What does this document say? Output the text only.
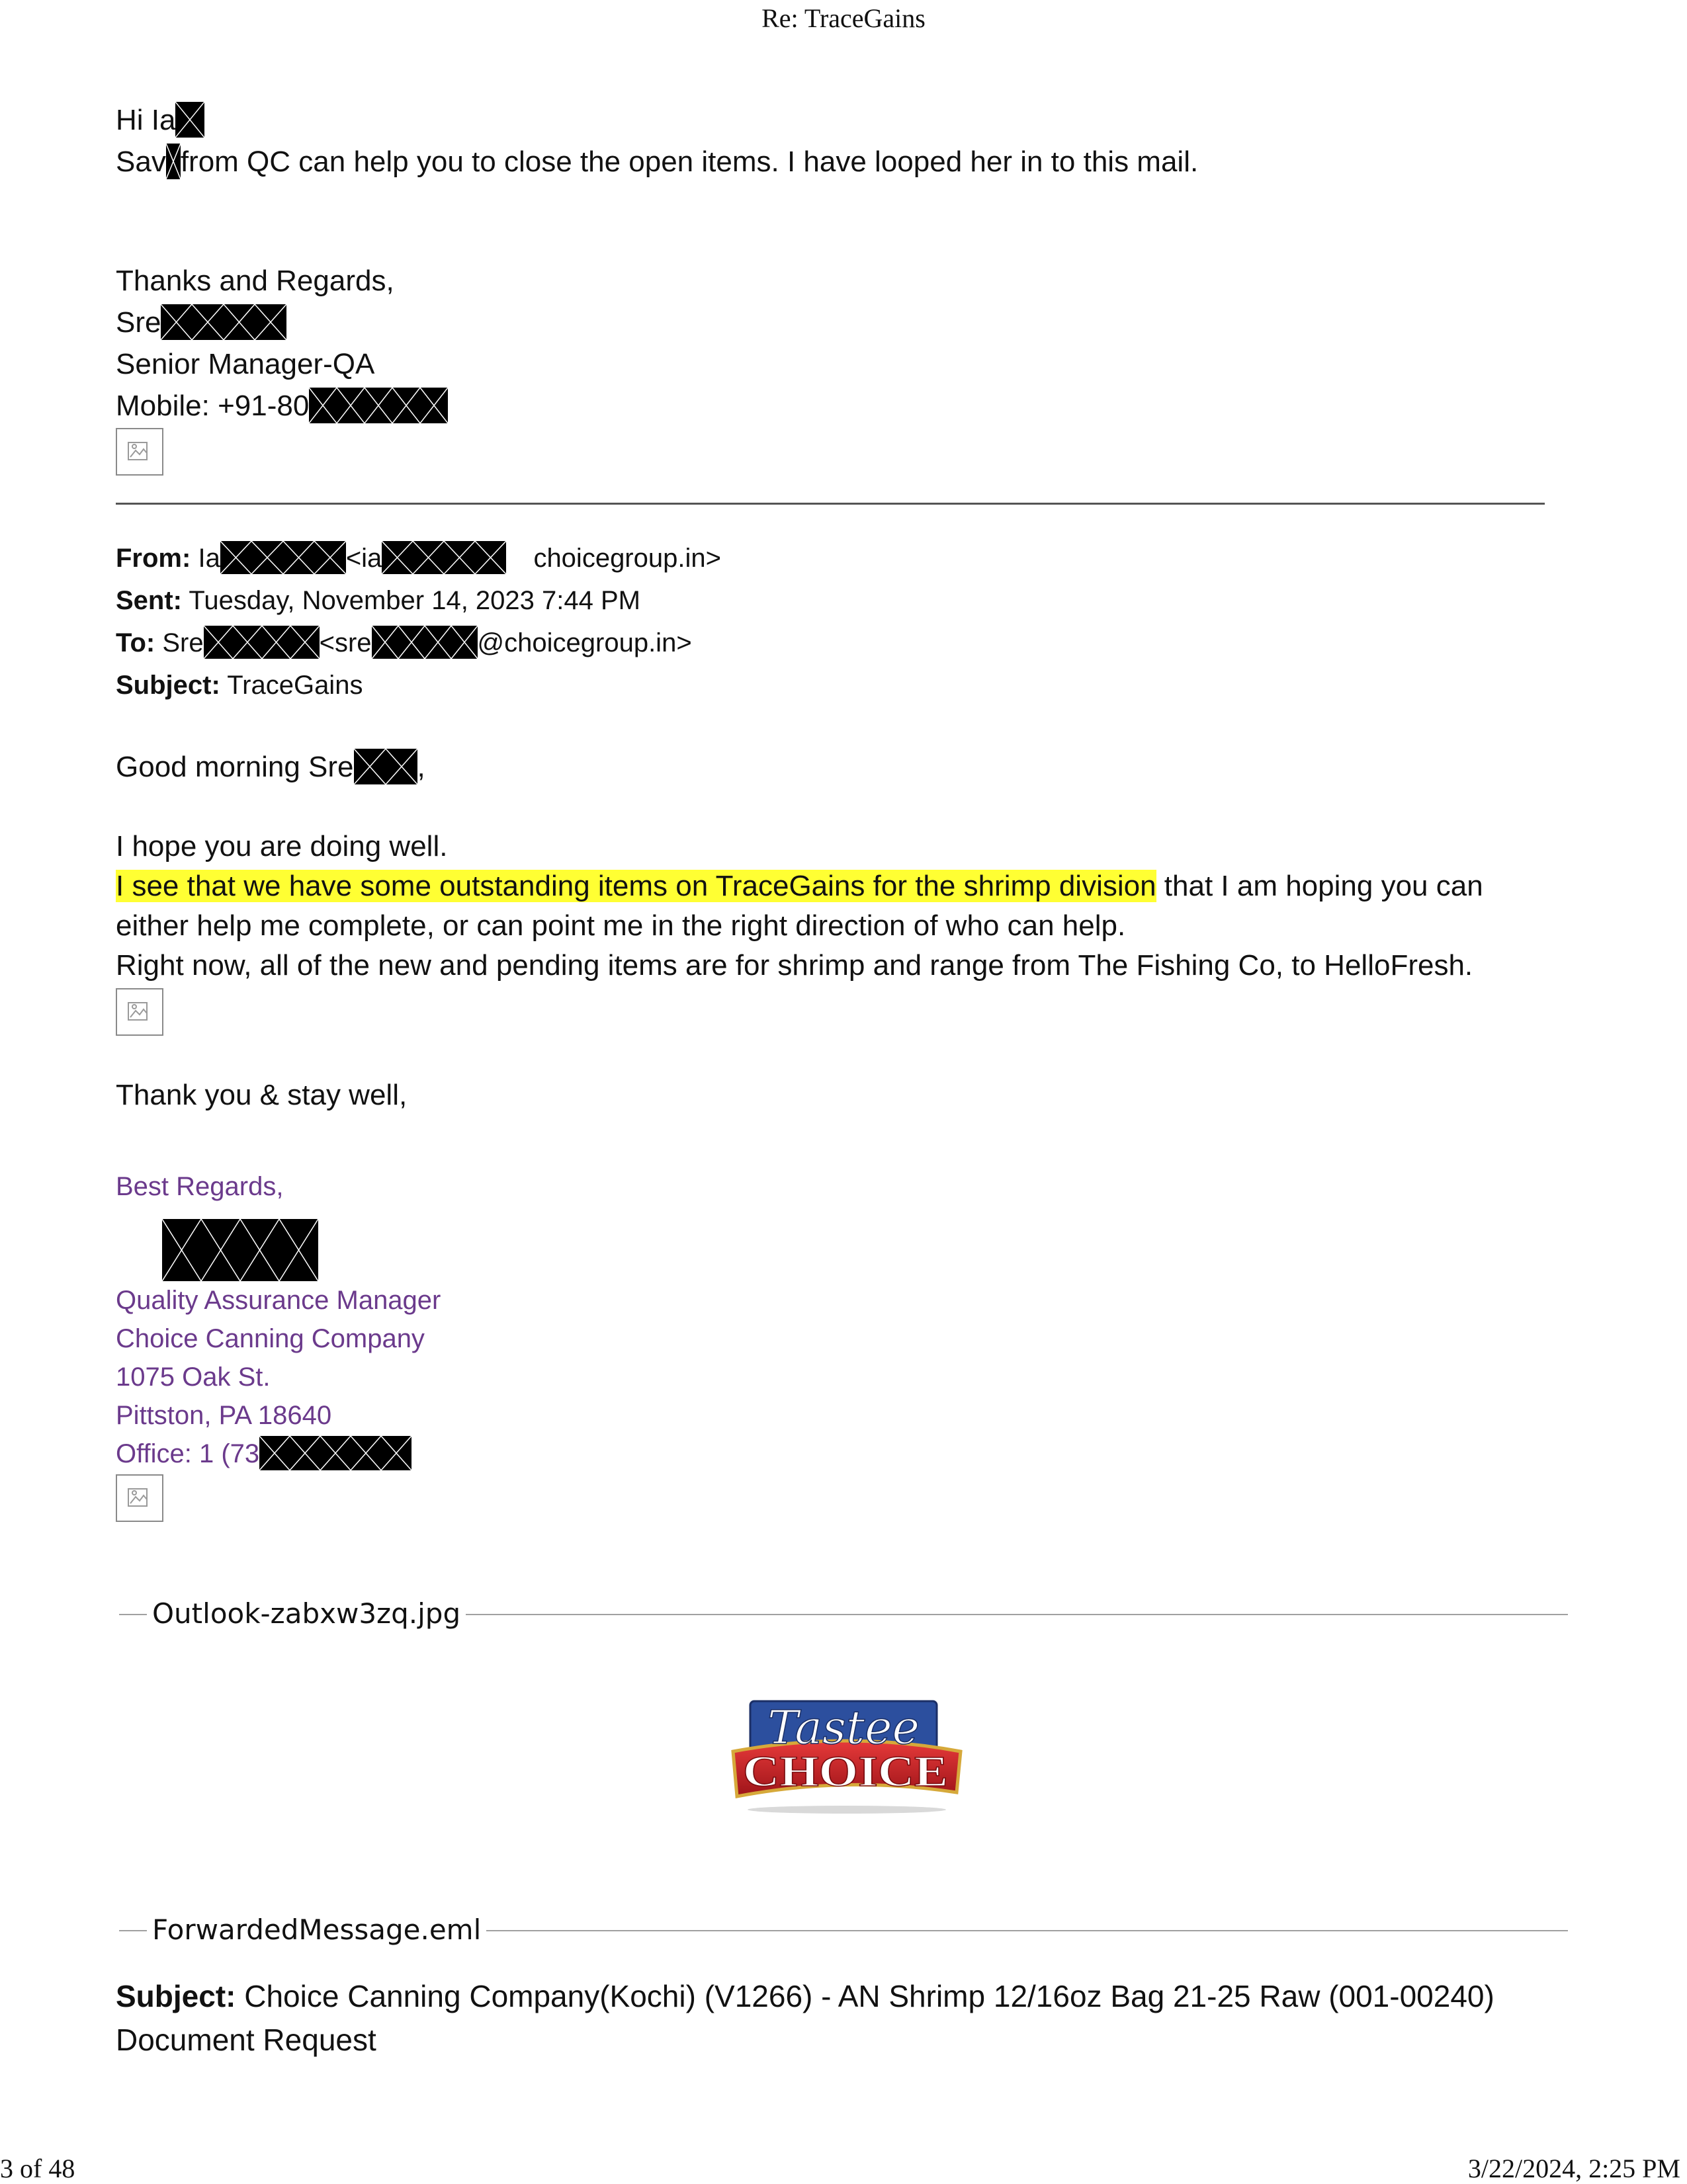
Re: TraceGains
Hi Ia
Sav from QC can help you to close the open items. I have looped her in to this mail.
Thanks and Regards,
Sre
Senior Manager-QA
Mobile: +91-80
From: Ia	<ia	choicegroup.in>
Sent: Tuesday, November 14, 2023 7:44 PM
To: Sre	<sre	@choicegroup.in>
Subject: TraceGains
Good morning Sre ,
I hope you are doing well.
I see that we have some outstanding items on TraceGains for the shrimp division that I am hoping you can
either help me complete, or can point me in the right direction of who can help.
Right now, all of the new and pending items are for shrimp and range from The Fishing Co, to HelloFresh.
Thank you & stay well,
Best Regards,
Quality Assurance Manager
Choice Canning Company
1075 Oak St.
Pittston, PA 18640
Office: 1 (73
Outlook-zabxw3zq.jpg
Tastee
CHOICE
ForwardedMessage.eml
Subject: Choice Canning Company(Kochi) (V1266) - AN Shrimp 12/16oz Bag 21-25 Raw (001-00240)
Document Request
3 of 48	3/22/2024, 2:25 PM
